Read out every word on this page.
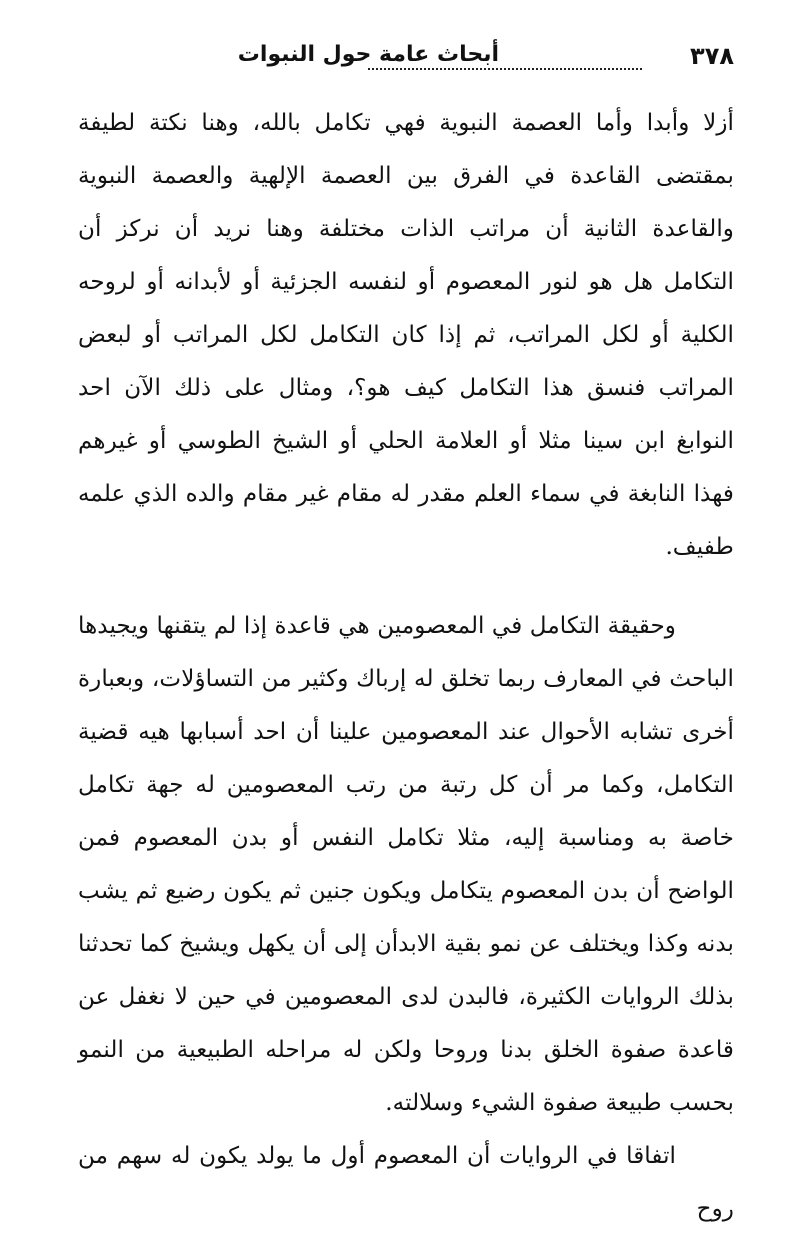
٣٧٨
أبحاث عامة حول النبوات

أزلا وأبدا وأما العصمة النبوية فهي تكامل بالله، وهنا نكتة لطيفة بمقتضى القاعدة في الفرق بين العصمة الإلهية والعصمة النبوية والقاعدة الثانية أن مراتب الذات مختلفة وهنا نريد أن نركز أن التكامل هل هو لنور المعصوم أو لنفسه الجزئية أو لأبدانه أو لروحه الكلية أو لكل المراتب، ثم إذا كان التكامل لكل المراتب أو لبعض المراتب فنسق هذا التكامل كيف هو؟، ومثال على ذلك الآن احد النوابغ ابن سينا مثلا أو العلامة الحلي أو الشيخ الطوسي أو غيرهم فهذا النابغة في سماء العلم مقدر له مقام غير مقام والده الذي علمه طفيف.

وحقيقة التكامل في المعصومين هي قاعدة إذا لم يتقنها ويجيدها الباحث في المعارف ربما تخلق له إرباك وكثير من التساؤلات، وبعبارة أخرى تشابه الأحوال عند المعصومين علينا أن احد أسبابها هيه قضية التكامل، وكما مر أن كل رتبة من رتب المعصومين له جهة تكامل خاصة به ومناسبة إليه، مثلا تكامل النفس أو بدن المعصوم فمن الواضح أن بدن المعصوم يتكامل ويكون جنين ثم يكون رضيع ثم يشب بدنه وكذا ويختلف عن نمو بقية الابدأن إلى أن يكهل ويشيخ كما تحدثنا بذلك الروايات الكثيرة، فالبدن لدى المعصومين في حين لا نغفل عن قاعدة صفوة الخلق بدنا وروحا ولكن له مراحله الطبيعية من النمو بحسب طبيعة صفوة الشيء وسلالته.

اتفاقا في الروايات أن المعصوم أول ما يولد يكون له سهم من روح
